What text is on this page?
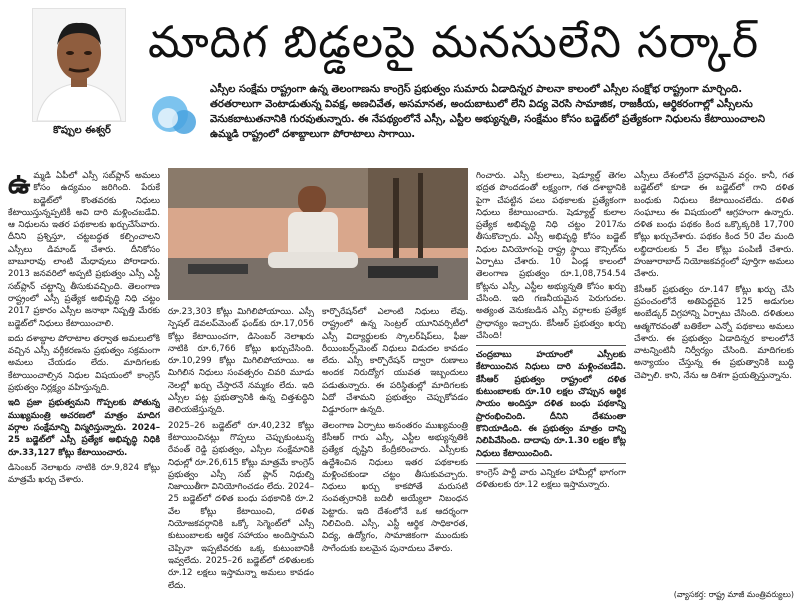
కొప్పుల ఈశ్వర్
మాదిగ బిడ్డలపై మనసులేని సర్కార్
ఎస్సీల సంక్షేమ రాష్ట్రంగా ఉన్న తెలంగాణను కాంగ్రెస్ ప్రభుత్వం సుమారు ఏడాదిన్నర పాలనా కాలంలో ఎస్సీల సంక్షోభ రాష్ట్రంగా మార్చింది. తరతరాలుగా వెంటాడుతున్న వివక్ష, అణచివేత, అసమానత, అందుబాటులో లేని విద్య వెరసి సామాజిక, రాజకీయ, ఆర్థికరంగాల్లో ఎస్సీలను వెనుకబాటుతనానికి గురవుతున్నారు. ఈ నేపథ్యంలోనే ఎస్సీ, ఎస్టీల అభ్యున్నతి, సంక్షేమం కోసం బడ్జెట్‌లో ప్రత్యేకంగా నిధులను కేటాయించాలని ఉమ్మడి రాష్ట్రంలో దశాబ్దాలుగా పోరాటాలు సాగాయి.

ఉమ్మడి ఏపీలో ఎస్సీ సబ్‌ప్లాన్ అమలు కోసం ఉద్యమం జరిగింది. పేరుకే బడ్జెట్‌లో కొంతవరకు నిధులు కేటాయిస్తున్నప్పటికీ అవి దారి మళ్లించబడేవి. ఆ నిధులను ఇతర పథకాలకు ఖర్చుచేసేవారు. దీనిని ప్రశ్నిస్తూ, చట్టబద్ధత కల్పించాలని ఎస్సీలు డిమాండ్ చేశారు. దీనికోసం బాబూరావు లాంటి మేధావులు పోరాడారు. 2013 జనవరిలో అప్పటి ప్రభుత్వం ఎస్సీ ఎస్టీ సబ్‌ప్లాన్ చట్టాన్ని తీసుకువచ్చింది. తెలంగాణ రాష్ట్రంలో ఎస్సీ ప్రత్యేక అభివృద్ధి నిధి చట్టం 2017 ప్రకారం ఎస్సీల జనాభా నిష్పత్తి మేరకు బడ్జెట్‌లో నిధులు కేటాయించాలి.

ఐదు దశాబ్దాల పోరాటాల తర్వాత అమలులోకి వచ్చిన ఎస్సీ వర్గీకరణను ప్రభుత్వం సక్రమంగా అమలు చేయడం లేదు. మాదిగలకు కేటాయించాల్సిన నిధుల విషయంలో కాంగ్రెస్ ప్రభుత్వం నిర్లక్ష్యం వహిస్తున్నది.

ఇది ప్రజా ప్రభుత్వమని గొప్పలకు పోతున్న ముఖ్యమంత్రి ఆచరణలో మాత్రం మాదిగ వర్గాల సంక్షేమాన్ని విస్మరిస్తున్నారు. 2024–25 బడ్జెట్‌లో ఎస్సీ ప్రత్యేక అభివృద్ధి నిధికి రూ.33,127 కోట్లు కేటాయించారు.

డిసెంబర్ నెలాఖరు నాటికి రూ.9,824 కోట్లు మాత్రమే ఖర్చు చేశారు.

రూ.23,303 కోట్లు మిగిలిపోయాయి. ఎస్సీ స్పెషల్ డెవలప్‌మెంట్ ఫండ్‌కు రూ.17,056 కోట్లు కేటాయించగా, డిసెంబర్ నెలాఖరు నాటికి రూ.6,766 కోట్లు ఖర్చుచేసింది. రూ.10,299 కోట్లు మిగిలిపోయాయి. ఆ మిగిలిన నిధులు సంవత్సరం చివరి మూడు నెలల్లో ఖర్చు చేస్తారనే నమ్మకం లేదు. ఇది ఎస్సీల పట్ల ప్రభుత్వానికి ఉన్న చిత్తశుద్ధిని తెలియజేస్తున్నది.

2025–26 బడ్జెట్‌లో రూ.40,232 కోట్లు కేటాయించినట్లు గొప్పలు చెప్పుకుంటున్న రేవంత్ రెడ్డి ప్రభుత్వం, ఎస్సీల సంక్షేమానికి నిధుల్లో రూ.26,615 కోట్లు మాత్రమే కాంగ్రెస్ ప్రభుత్వం ఎస్సీ సబ్ ప్లాన్ నిధుల్ని నిజాయితీగా వినియోగించడం లేదు. 2024–25 బడ్జెట్‌లో దళిత బంధు పథకానికి రూ.2 వేల కోట్లు కేటాయించి, దళిత నియోజకవర్గానికి ఒక్కో సెగ్మెంట్‌లో ఎస్సీ కుటుంబాలకు ఆర్థిక సహాయం అందిస్తామని చెప్పినా ఇప్పటివరకు ఒక్క కుటుంబానికీ ఇవ్వలేదు. 2025–26 బడ్జెట్‌లో దళితులకు రూ.12 లక్షలు ఇస్తామన్నా అమలు కావడం లేదు.

కార్పొరేషన్‌లో ఎలాంటి నిధులు లేవు. రాష్ట్రంలో ఉన్న సెంట్రల్ యూనివర్సిటీలో ఎస్సీ విద్యార్థులకు స్కాలర్‌షిప్‌లు, ఫీజు రీయింబర్స్‌మెంట్ నిధులు విడుదల కావడం లేదు. ఎస్సీ కార్పొరేషన్ ద్వారా రుణాలు అందక నిరుద్యోగ యువత ఇబ్బందులు పడుతున్నారు. ఈ పరిస్థితుల్లో మాదిగలకు ఏదో చేశామని ప్రభుత్వం చెప్పుకోవడం విడ్డూరంగా ఉన్నది.

తెలంగాణ ఏర్పాటు అనంతరం ముఖ్యమంత్రి కేసీఆర్ గారు ఎస్సీ, ఎస్టీల అభ్యున్నతికి ప్రత్యేక దృష్టిని కేంద్రీకరించారు. ఎస్సీలకు ఉద్దేశించిన నిధులు ఇతర పథకాలకు మళ్లించకుండా చట్టం తీసుకువచ్చారు. నిధులు ఖర్చు కాకపోతే మరుసటి సంవత్సరానికి బదిలీ అయ్యేలా నిబంధన పెట్టారు. ఇది దేశంలోనే ఒక ఆదర్శంగా నిలిచింది. ఎస్సీ, ఎస్టీ ఆర్థిక సాధికారత, విద్య, ఉద్యోగం, సామాజికంగా ముందుకు సాగేందుకు బలమైన పునాదులు వేశారు.

గించారు. ఎస్సీ కులాలు, షెడ్యూల్డ్ తెగల భద్రత పొందడంతో లక్ష్యంగా, గత దశాబ్దానికి పైగా చేపట్టిన పలు పథకాలకు ప్రత్యేకంగా నిధులు కేటాయించారు. షెడ్యూల్డ్ కులాల ప్రత్యేక అభివృద్ధి నిధి చట్టం 2017ను తీసుకొచ్చారు. ఎస్సీ అభివృద్ధి కోసం బడ్జెట్ నిధుల వినియోగంపై రాష్ట్ర స్థాయి కౌన్సిల్‌ను ఏర్పాటు చేశారు. 10 ఏండ్ల కాలంలో తెలంగాణ ప్రభుత్వం రూ.1,08,754.54 కోట్లను ఎస్సీ, ఎస్టీల అభ్యున్నతి కోసం ఖర్చు చేసింది. ఇది గణనీయమైన పెరుగుదల. అత్యంత వెనుకబడిన ఎస్సీ వర్గాలకు ప్రత్యేక ప్రాధాన్యం ఇచ్చారు. కేసీఆర్ ప్రభుత్వం ఖర్చు చేసింది!

చంద్రబాబు హయాంలో ఎస్సీలకు కేటాయించిన నిధులు దారి మళ్లించబడేవి. కేసీఆర్ ప్రభుత్వం రాష్ట్రంలో దళిత కుటుంబాలకు రూ.10 లక్షల చొప్పున ఆర్థిక సాయం అందిస్తూ దళిత బంధు పథకాన్ని ప్రారంభించింది. దీనిని దేశమంతా కొనియాడింది. ఈ ప్రభుత్వం మాత్రం దాన్ని నిలిపివేసింది. దాదాపు రూ.1.30 లక్షల కోట్ల నిధులు కేటాయించింది.

కాంగ్రెస్ పార్టీ వారు ఎన్నికల హామీల్లో భాగంగా దళితులకు రూ.12 లక్షలు ఇస్తామన్నారు.

ఎస్సీలు దేశంలోనే ప్రధానమైన వర్గం. కానీ, గత బడ్జెట్‌లో కూడా ఈ బడ్జెట్‌లో గాని దళిత బంధుకు నిధులు కేటాయించలేదు. దళిత సంఘాలు ఈ విషయంలో ఆగ్రహంగా ఉన్నారు. దళిత బంధు పథకం కింద ఒక్కొక్కరికి 17,700 కోట్లు ఖర్చుచేశారు. పథకం కింద 50 వేల మంది లబ్ధిదారులకు 5 వేల కోట్లు పంపిణీ చేశారు. హుజూరాబాద్ నియోజకవర్గంలో పూర్తిగా అమలు చేశారు.

కేసీఆర్ ప్రభుత్వం రూ.147 కోట్లు ఖర్చు చేసి ప్రపంచంలోనే అతిపెద్దదైన 125 అడుగుల అంబేడ్కర్ విగ్రహాన్ని ఏర్పాటు చేసింది. దళితులు ఆత్మగౌరవంతో బతికేలా ఎన్నో పథకాలు అమలు చేశారు. ఈ ప్రభుత్వం ఏడాదిన్నర కాలంలోనే వాటన్నింటినీ నిర్వీర్యం చేసింది. మాదిగలకు అన్యాయం చేస్తున్న ఈ ప్రభుత్వానికి బుద్ధి చెప్పాలి. కాని, నేను ఆ దిశగా ప్రయత్నిస్తున్నాను.

(వ్యాసకర్త: రాష్ట్ర మాజీ మంత్రివర్యులు)
